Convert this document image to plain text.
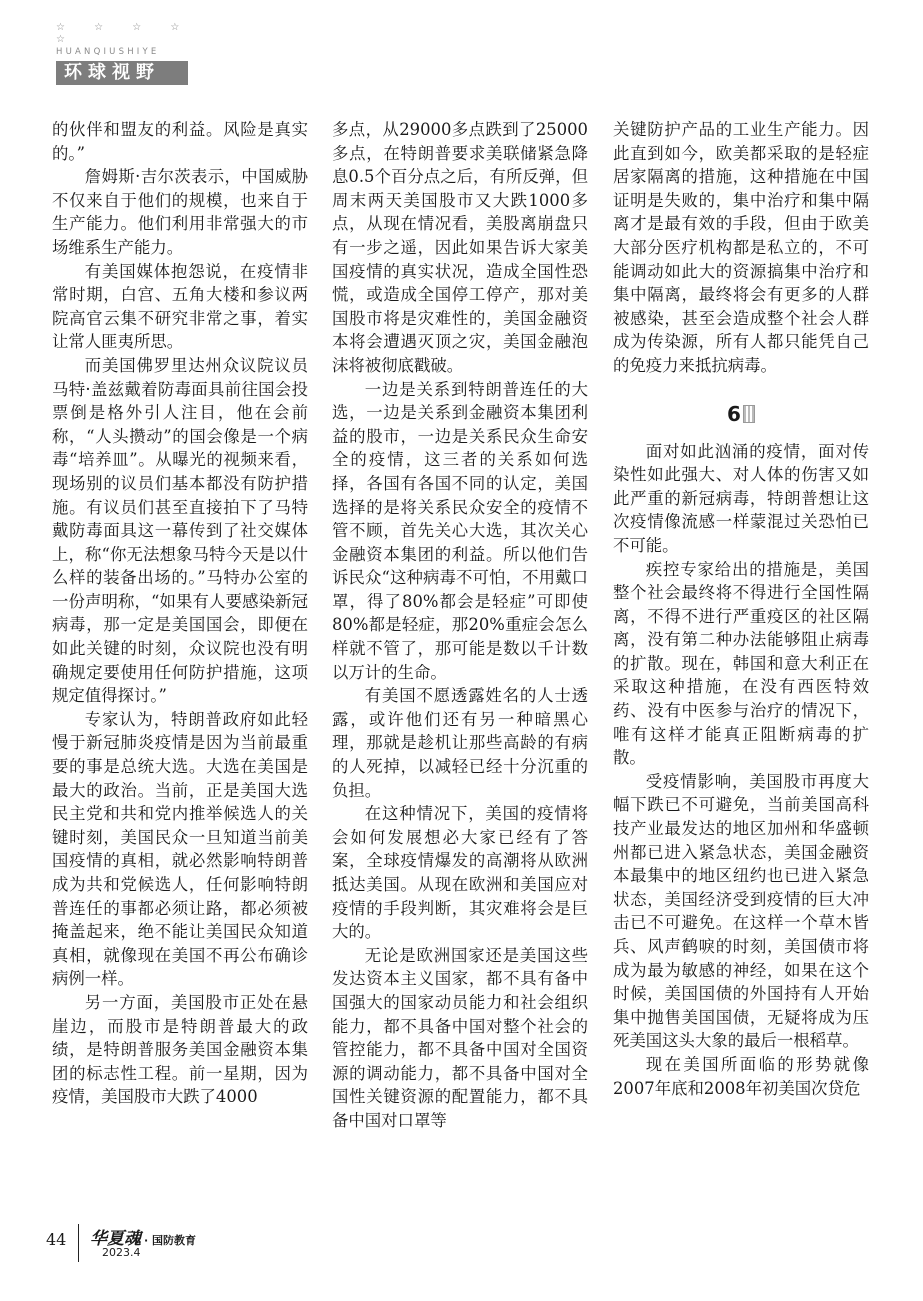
☆ ☆ ☆ ☆ ☆
HUANQIUSHIYE
环球视野

的伙伴和盟友的利益。风险是真实的。”

詹姆斯·吉尔茨表示，中国威胁不仅来自于他们的规模，也来自于生产能力。他们利用非常强大的市场维系生产能力。

有美国媒体抱怨说，在疫情非常时期，白宫、五角大楼和参议两院高官云集不研究非常之事，着实让常人匪夷所思。

而美国佛罗里达州众议院议员马特·盖兹戴着防毒面具前往国会投票倒是格外引人注目，他在会前称，“人头攒动”的国会像是一个病毒“培养皿”。从曝光的视频来看，现场别的议员们基本都没有防护措施。有议员们甚至直接拍下了马特戴防毒面具这一幕传到了社交媒体上，称“你无法想象马特今天是以什么样的装备出场的。”马特办公室的一份声明称，“如果有人要感染新冠病毒，那一定是美国国会，即便在如此关键的时刻，众议院也没有明确规定要使用任何防护措施，这项规定值得探讨。”

专家认为，特朗普政府如此轻慢于新冠肺炎疫情是因为当前最重要的事是总统大选。大选在美国是最大的政治。当前，正是美国大选民主党和共和党内推举候选人的关键时刻，美国民众一旦知道当前美国疫情的真相，就必然影响特朗普成为共和党候选人，任何影响特朗普连任的事都必须让路，都必须被掩盖起来，绝不能让美国民众知道真相，就像现在美国不再公布确诊病例一样。

另一方面，美国股市正处在悬崖边，而股市是特朗普最大的政绩，是特朗普服务美国金融资本集团的标志性工程。前一星期，因为疫情，美国股市大跌了4000

多点，从29000多点跌到了25000多点，在特朗普要求美联储紧急降息0.5个百分点之后，有所反弹，但周末两天美国股市又大跌1000多点，从现在情况看，美股离崩盘只有一步之遥，因此如果告诉大家美国疫情的真实状况，造成全国性恐慌，或造成全国停工停产，那对美国股市将是灾难性的，美国金融资本将会遭遇灭顶之灾，美国金融泡沫将被彻底戳破。

一边是关系到特朗普连任的大选，一边是关系到金融资本集团利益的股市，一边是关系民众生命安全的疫情，这三者的关系如何选择，各国有各国不同的认定，美国选择的是将关系民众安全的疫情不管不顾，首先关心大选，其次关心金融资本集团的利益。所以他们告诉民众“这种病毒不可怕，不用戴口罩，得了80%都会是轻症”可即使80%都是轻症，那20%重症会怎么样就不管了，那可能是数以千计数以万计的生命。

有美国不愿透露姓名的人士透露，或许他们还有另一种暗黑心理，那就是趁机让那些高龄的有病的人死掉，以减轻已经十分沉重的负担。

在这种情况下，美国的疫情将会如何发展想必大家已经有了答案，全球疫情爆发的高潮将从欧洲抵达美国。从现在欧洲和美国应对疫情的手段判断，其灾难将会是巨大的。

无论是欧洲国家还是美国这些发达资本主义国家，都不具有备中国强大的国家动员能力和社会组织能力，都不具备中国对整个社会的管控能力，都不具备中国对全国资源的调动能力，都不具备中国对全国性关键资源的配置能力，都不具备中国对口罩等

关键防护产品的工业生产能力。因此直到如今，欧美都采取的是轻症居家隔离的措施，这种措施在中国证明是失败的，集中治疗和集中隔离才是最有效的手段，但由于欧美大部分医疗机构都是私立的，不可能调动如此大的资源搞集中治疗和集中隔离，最终将会有更多的人群被感染，甚至会造成整个社会人群成为传染源，所有人都只能凭自己的免疫力来抵抗病毒。

6

面对如此汹涌的疫情，面对传染性如此强大、对人体的伤害又如此严重的新冠病毒，特朗普想让这次疫情像流感一样蒙混过关恐怕已不可能。

疾控专家给出的措施是，美国整个社会最终将不得进行全国性隔离，不得不进行严重疫区的社区隔离，没有第二种办法能够阻止病毒的扩散。现在，韩国和意大利正在采取这种措施，在没有西医特效药、没有中医参与治疗的情况下，唯有这样才能真正阻断病毒的扩散。

受疫情影响，美国股市再度大幅下跌已不可避免，当前美国高科技产业最发达的地区加州和华盛顿州都已进入紧急状态，美国金融资本最集中的地区纽约也已进入紧急状态，美国经济受到疫情的巨大冲击已不可避免。在这样一个草木皆兵、风声鹤唳的时刻，美国债市将成为最为敏感的神经，如果在这个时候，美国国债的外国持有人开始集中抛售美国国债，无疑将成为压死美国这头大象的最后一根稻草。

现在美国所面临的形势就像2007年底和2008年初美国次贷危

44 华夏魂 · 国防教育
2023.4
